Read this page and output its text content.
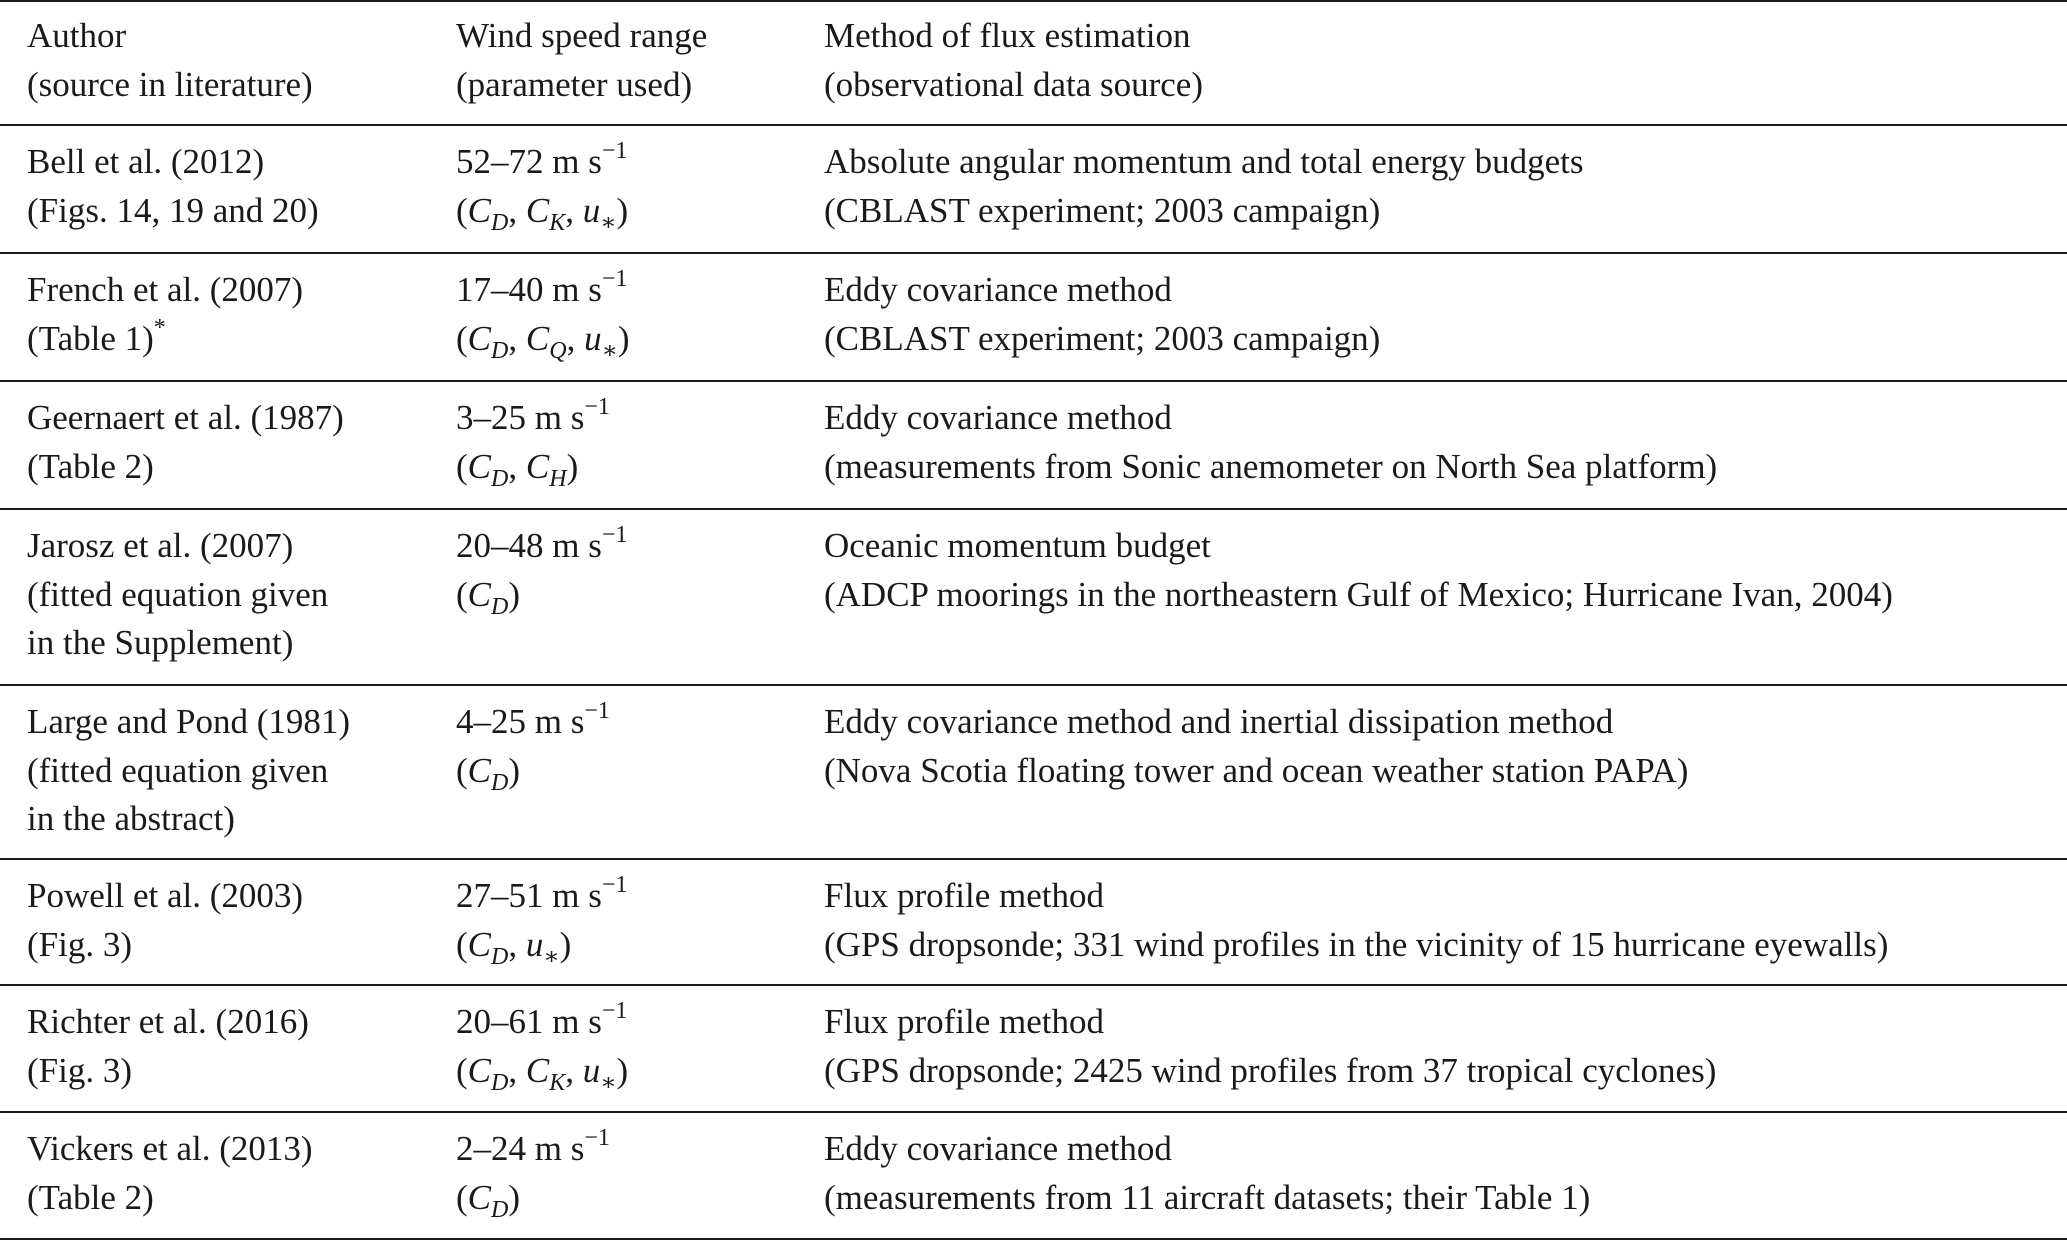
Author
(source in literature)
Wind speed range
(parameter used)
Method of flux estimation
(observational data source)
Bell et al. (2012)
(Figs. 14, 19 and 20)
52–72 m $s^{-1}$
($C_D$, $C_K$, $u_∗$)
Absolute angular momentum and total energy budgets
(CBLAST experiment; 2003 campaign)
French et al. (2007)
(Table 1)*
17–40 m $s^{-1}$
($C_D$, $C_Q$, $u_∗$)
Eddy covariance method
(CBLAST experiment; 2003 campaign)
Geernaert et al. (1987)
(Table 2)
3–25 m $s^{-1}$
($C_D$, $C_H$)
Eddy covariance method
(measurements from Sonic anemometer on North Sea platform)
Jarosz et al. (2007)
(fitted equation given
in the Supplement)
20–48 m $s^{-1}$
$(C_D)$
Oceanic momentum budget
(ADCP moorings in the northeastern Gulf of Mexico; Hurricane Ivan, 2004)
Large and Pond (1981)
(fitted equation given
in the abstract)
4–25 m $s^{-1}$
$(C_D)$
Eddy covariance method and inertial dissipation method
(Nova Scotia floating tower and ocean weather station PAPA)
Powell et al. (2003)
(Fig. 3)
27–51 m $s^{-1}$
($C_D$, $u_∗$)
Flux profile method
(GPS dropsonde; 331 wind profiles in the vicinity of 15 hurricane eyewalls)
Richter et al. (2016)
(Fig. 3)
20–61 m $s^{-1}$
($C_D$, $C_K$, $u_∗$)
Flux profile method
(GPS dropsonde; 2425 wind profiles from 37 tropical cyclones)
Vickers et al. (2013)
(Table 2)
2–24 m $s^{-1}$
$(C_D)$
Eddy covariance method
(measurements from 11 aircraft datasets; their Table 1)
